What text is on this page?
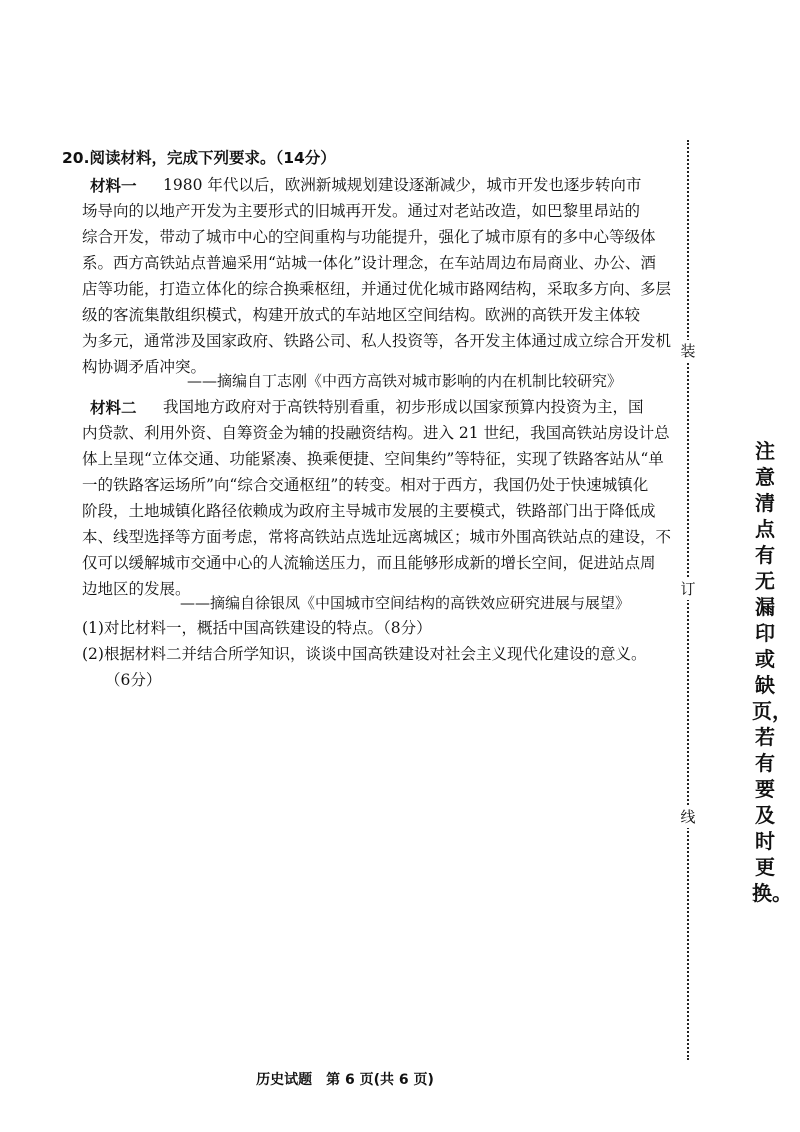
20.阅读材料，完成下列要求。（14分）
材料一 1980 年代以后，欧洲新城规划建设逐渐减少，城市开发也逐步转向市
场导向的以地产开发为主要形式的旧城再开发。通过对老站改造，如巴黎里昂站的
综合开发，带动了城市中心的空间重构与功能提升，强化了城市原有的多中心等级体
系。西方高铁站点普遍采用“站城一体化”设计理念，在车站周边布局商业、办公、酒
店等功能，打造立体化的综合换乘枢纽，并通过优化城市路网结构，采取多方向、多层
级的客流集散组织模式，构建开放式的车站地区空间结构。欧洲的高铁开发主体较
为多元，通常涉及国家政府、铁路公司、私人投资等，各开发主体通过成立综合开发机
构协调矛盾冲突。
——摘编自丁志刚《中西方高铁对城市影响的内在机制比较研究》
材料二 我国地方政府对于高铁特别看重，初步形成以国家预算内投资为主，国
内贷款、利用外资、自筹资金为辅的投融资结构。进入 21 世纪，我国高铁站房设计总
体上呈现“立体交通、功能紧凑、换乘便捷、空间集约”等特征，实现了铁路客站从“单
一的铁路客运场所”向“综合交通枢纽”的转变。相对于西方，我国仍处于快速城镇化
阶段，土地城镇化路径依赖成为政府主导城市发展的主要模式，铁路部门出于降低成
本、线型选择等方面考虑，常将高铁站点选址远离城区；城市外围高铁站点的建设，不
仅可以缓解城市交通中心的人流输送压力，而且能够形成新的增长空间，促进站点周
边地区的发展。
——摘编自徐银凤《中国城市空间结构的高铁效应研究进展与展望》
(1)对比材料一，概括中国高铁建设的特点。（8分）
(2)根据材料二并结合所学知识，谈谈中国高铁建设对社会主义现代化建设的意义。
（6分）
装
订
线
注意清点有无漏印或缺页，若有要及时更换。
历史试题　第 6 页(共 6 页)
